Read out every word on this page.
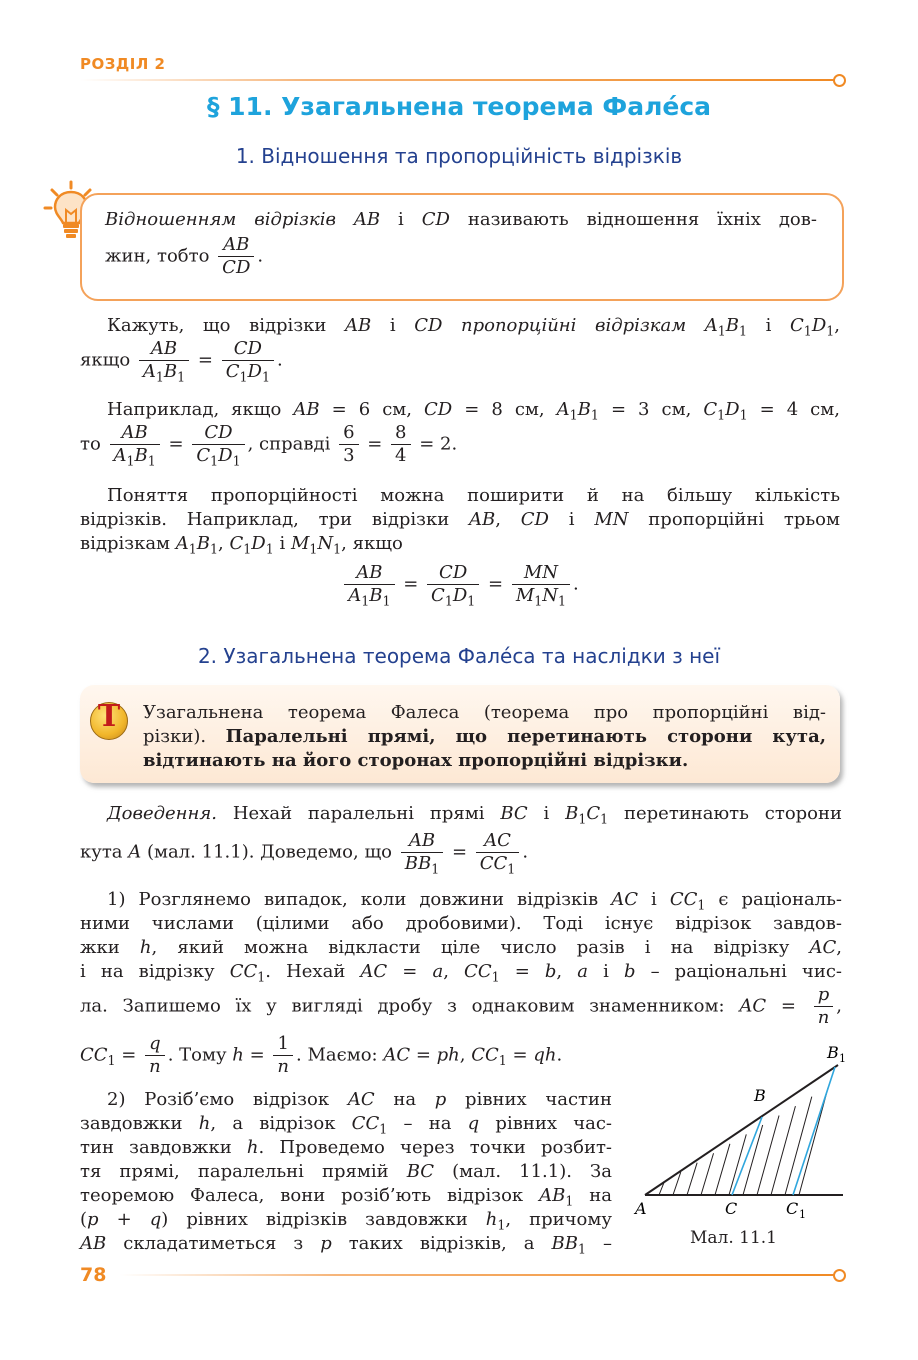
РОЗДІЛ 2
§ 11. Узагальнена теорема Фалéса
1. Відношення та пропорційність відрізків
Відношенням відрізків AB і CD називають відношення їхніх дов-
жин, тобто $\frac{AB}{CD}$ .
Кажуть, що відрізки AB і CD пропорційні відрізкам $A_1B_1$ і $C_1D_1$,
якщо $\frac{AB}{A_1B_1} = \frac{CD}{C_1D_1}$ .
Наприклад, якщо AB = 6 см, CD = 8 см, $A_1B_1 = 3$ см, $C_1D_1 = 4$ см,
то $\frac{AB}{A_1B_1} = \frac{CD}{C_1D_1}$ , справді $\frac{6}{3} = \frac{8}{4} = 2$.
Поняття пропорційності можна поширити й на більшу кількість
відрізків. Наприклад, три відрізки AB, CD і MN пропорційні трьом
відрізкам $A_1B_1$, $C_1D_1$ і $M_1N_1$, якщо
$\frac{AB}{A_1B_1} = \frac{CD}{C_1D_1} = \frac{MN}{M_1N_1}$ .
2. Узагальнена теорема Фалéса та наслідки з неї
Т	Узагальнена теорема Фалеса (теорема про пропорційні від-
різки). Паралельні прямі, що перетинають сторони кута,
відтинають на його сторонах пропорційні відрізки.
Доведення. Нехай паралельні прямі BC і $B_1C_1$ перетинають сторони
кута A (мал. 11.1). Доведемо, що $\frac{AB}{BB_1} = \frac{AC}{CC_1}$ .
1) Розглянемо випадок, коли довжини відрізків AC і $CC_1$ є раціональ-
ними числами (цілими або дробовими). Тоді існує відрізок завдов-
жки h, який можна відкласти ціле число разів і на відрізку AC,
і на відрізку $CC_1$. Нехай AC = a, $CC_1 = b$, a і b – раціональні чис-
ла. Запишемо їх у вигляді дробу з однаковим знаменником: AC = $\frac{p}{n}$ ,
$CC_1 = \frac{q}{n}$ . Тому $h = \frac{1}{n}$ . Маємо: AC = ph, $CC_1$ = qh.
2) Розіб’ємо відрізок AC на p рівних частин
завдовжки h, а відрізок $CC_1$ – на q рівних час-
тин завдовжки h. Проведемо через точки розбит-
тя прямі, паралельні прямій BC (мал. 11.1). За
теоремою Фалеса, вони розіб’ють відрізок $AB_1$ на
(p + q) рівних відрізків завдовжки $h_1$, причому
AB складатиметься з p таких відрізків, а $BB_1$ –
A	C	C 1
B
B 1
Мал. 11.1
78
